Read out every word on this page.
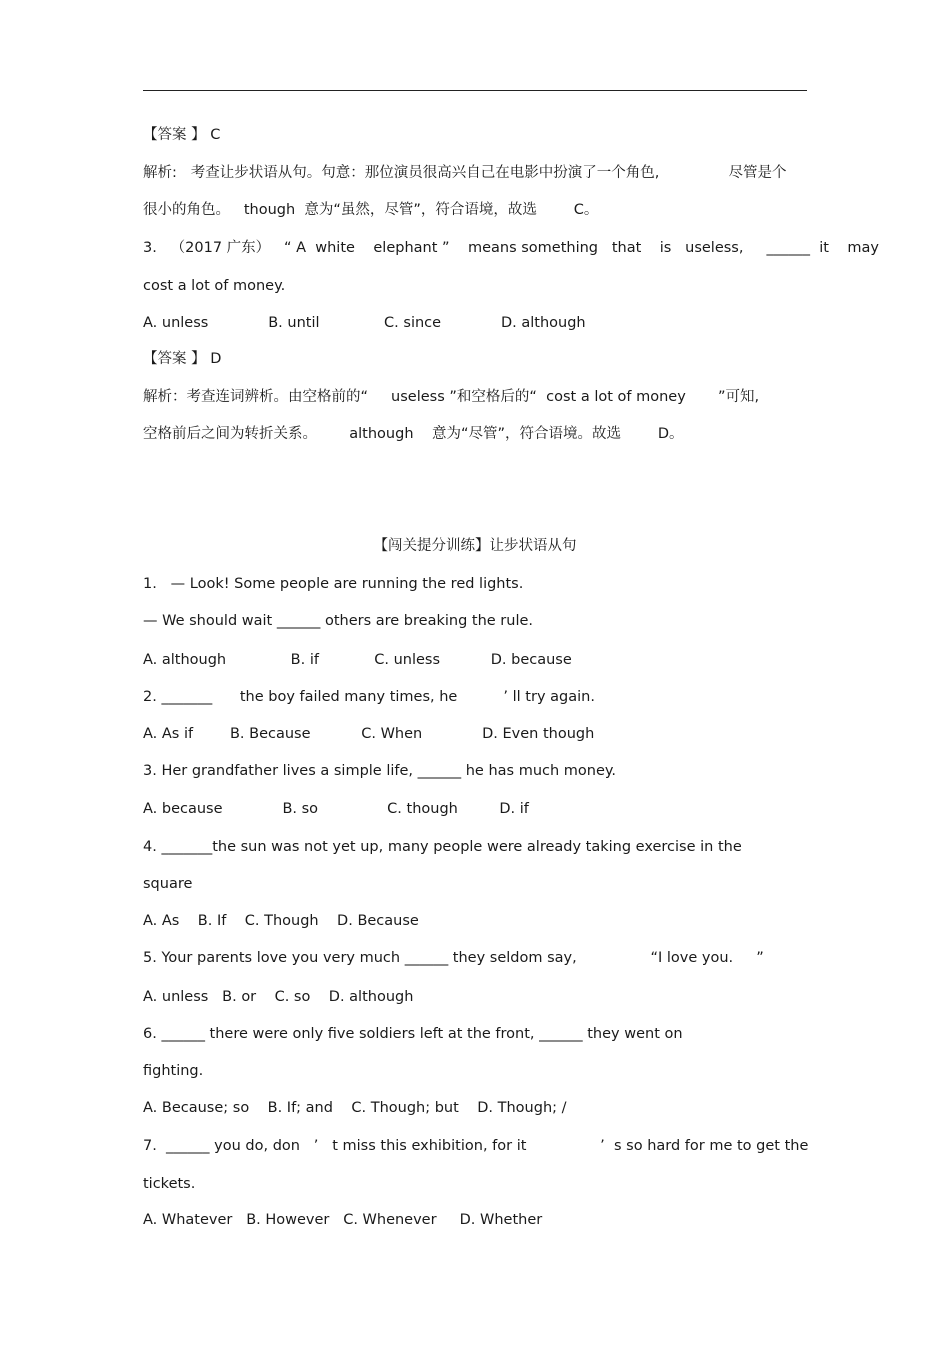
【答案 】 C
解析:   考查让步状语从句。句意：那位演员很高兴自己在电影中扮演了一个角色,               尽管是个
很小的角色。   though  意为“虽然，尽管”，符合语境，故选        C。
3.   （2017 广东）   “ A  white    elephant ”    means something   that    is   useless,     ______  it    may
cost a lot of money.
A. unless             B. until              C. since             D. although
【答案 】 D
解析：考查连词辨析。由空格前的“     useless ”和空格后的“  cost a lot of money       ”可知,
空格前后之间为转折关系。       although    意为“尽管”，符合语境。故选        D。
【闯关提分训练】让步状语从句
1.   — Look! Some people are running the red lights.
— We should wait ______ others are breaking the rule.
A. although              B. if            C. unless           D. because
2. _______      the boy failed many times, he          ’ ll try again.
A. As if        B. Because           C. When             D. Even though
3. Her grandfather lives a simple life, ______ he has much money.
A. because             B. so               C. though         D. if
4. _______the sun was not yet up, many people were already taking exercise in the
square
A. As    B. If    C. Though    D. Because
5. Your parents love you very much ______ they seldom say,                “I love you.     ”
A. unless   B. or    C. so    D. although
6. ______ there were only five soldiers left at the front, ______ they went on
fighting.
A. Because; so    B. If; and    C. Though; but    D. Though; /
7.  ______ you do, don   ’   t miss this exhibition, for it                ’  s so hard for me to get the
tickets.
A. Whatever   B. However   C. Whenever     D. Whether
